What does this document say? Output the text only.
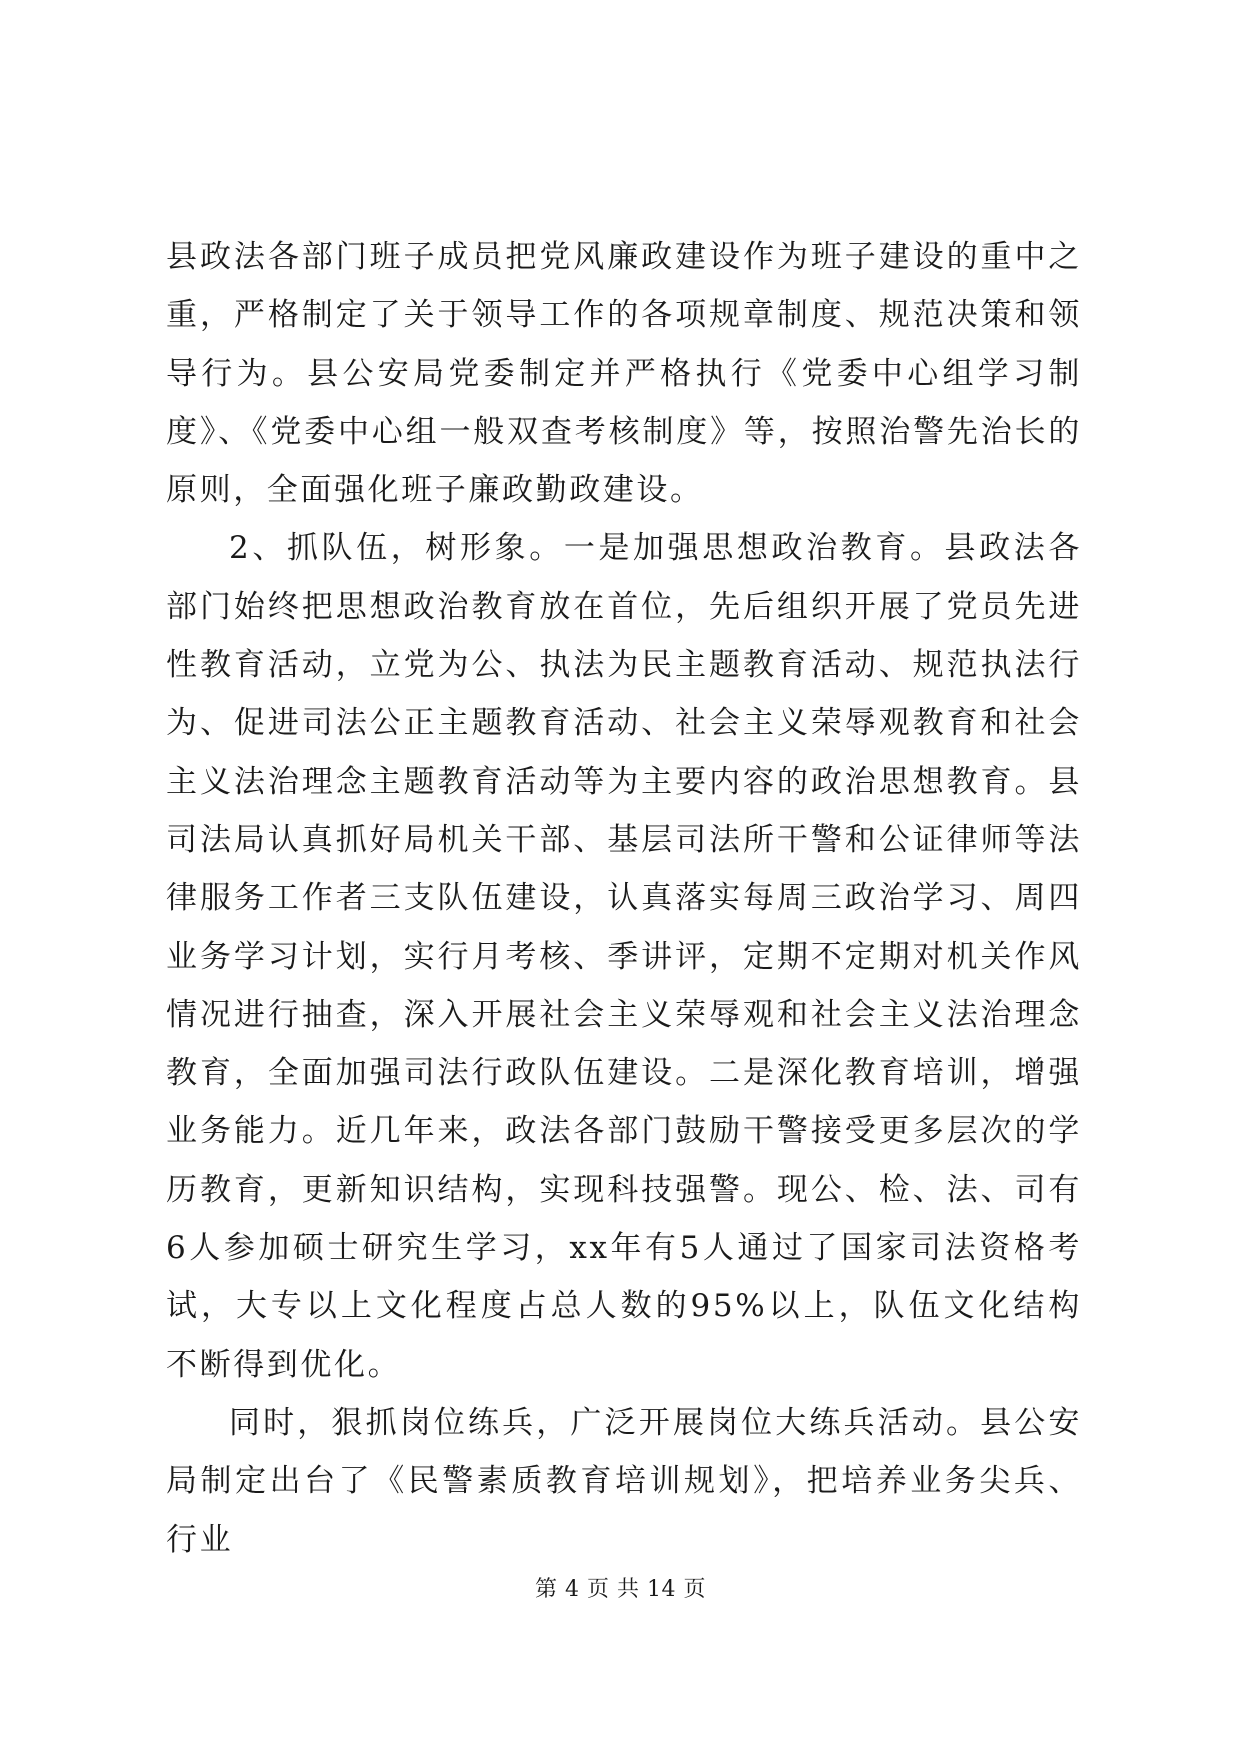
县政法各部门班子成员把党风廉政建设作为班子建设的重中之重，严格制定了关于领导工作的各项规章制度、规范决策和领导行为。县公安局党委制定并严格执行《党委中心组学习制度》、《党委中心组一般双查考核制度》等，按照治警先治长的原则，全面强化班子廉政勤政建设。

2、抓队伍，树形象。一是加强思想政治教育。县政法各部门始终把思想政治教育放在首位，先后组织开展了党员先进性教育活动，立党为公、执法为民主题教育活动、规范执法行为、促进司法公正主题教育活动、社会主义荣辱观教育和社会主义法治理念主题教育活动等为主要内容的政治思想教育。县司法局认真抓好局机关干部、基层司法所干警和公证律师等法律服务工作者三支队伍建设，认真落实每周三政治学习、周四业务学习计划，实行月考核、季讲评，定期不定期对机关作风情况进行抽查，深入开展社会主义荣辱观和社会主义法治理念教育，全面加强司法行政队伍建设。二是深化教育培训，增强业务能力。近几年来，政法各部门鼓励干警接受更多层次的学历教育，更新知识结构，实现科技强警。现公、检、法、司有6人参加硕士研究生学习，xx年有5人通过了国家司法资格考试，大专以上文化程度占总人数的95%以上，队伍文化结构不断得到优化。

同时，狠抓岗位练兵，广泛开展岗位大练兵活动。县公安局制定出台了《民警素质教育培训规划》，把培养业务尖兵、行业

第 4 页 共 14 页
